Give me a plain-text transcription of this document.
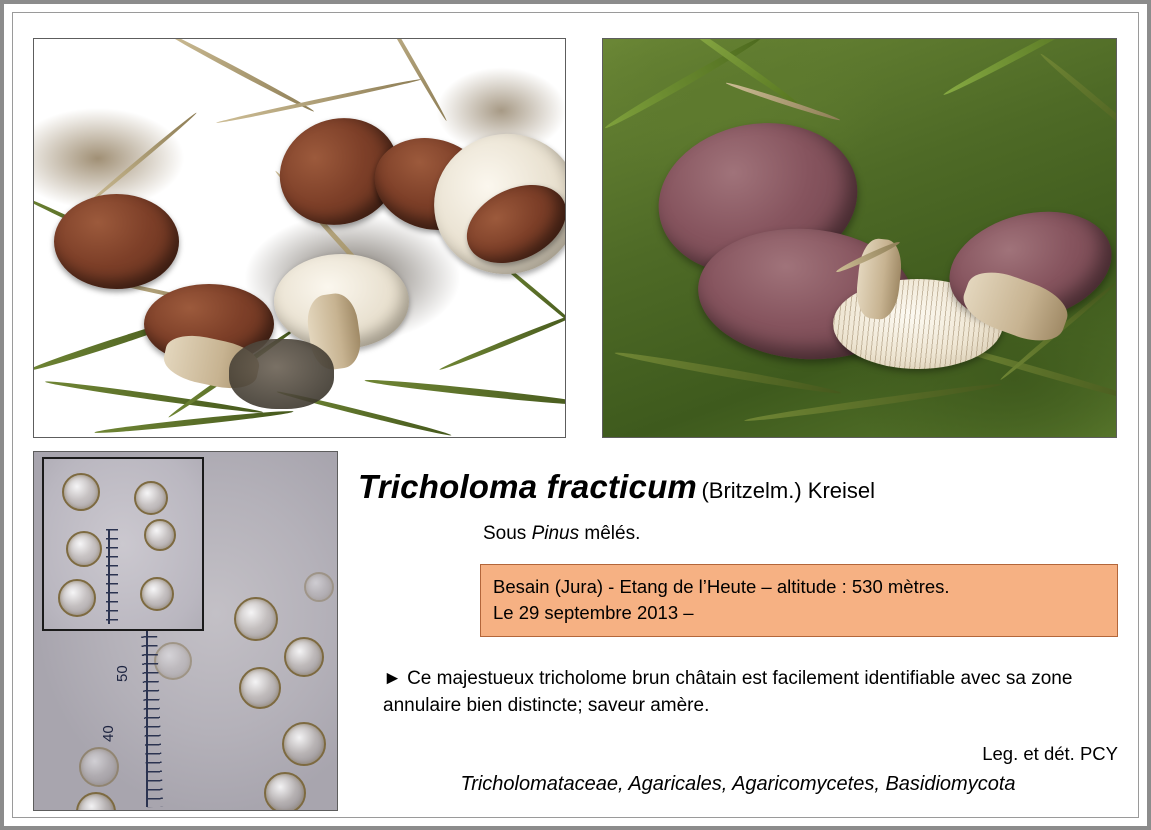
50
40
Tricholoma fracticum (Britzelm.) Kreisel
Sous Pinus mêlés.
Besain (Jura) - Etang de l’Heute – altitude : 530 mètres.
Le 29 septembre 2013 –
► Ce majestueux tricholome brun châtain est facilement identifiable avec sa zone annulaire bien distincte; saveur amère.
Leg. et dét. PCY
Tricholomataceae, Agaricales, Agaricomycetes, Basidiomycota
